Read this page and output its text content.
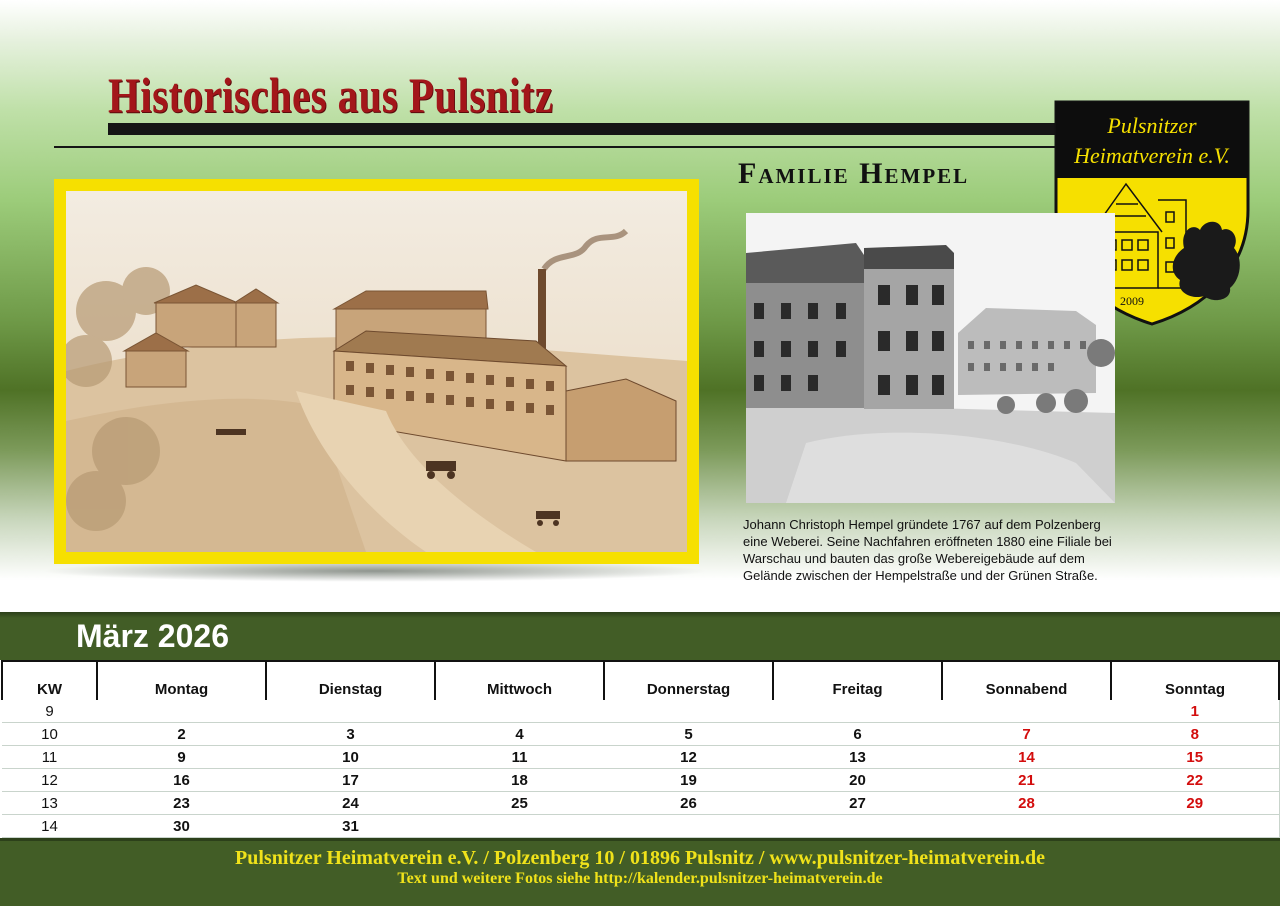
Historisches aus Pulsnitz
Familie Hempel
Pulsnitzer
Heimatverein e.V.
2009
Johann Christoph Hempel gründete 1767 auf dem Polzenberg eine Weberei. Seine Nachfahren eröffneten 1880 eine Filiale bei Warschau und bauten das große Webereigebäude auf dem Gelände zwischen der Hempelstraße und der Grünen Straße.
März 2026
KW	Montag	Dienstag	Mittwoch	Donnerstag	Freitag	Sonnabend	Sonntag
9							1
10	2	3	4	5	6	7	8
11	9	10	11	12	13	14	15
12	16	17	18	19	20	21	22
13	23	24	25	26	27	28	29
14	30	31					
Pulsnitzer Heimatverein e.V. / Polzenberg 10 / 01896 Pulsnitz / www.pulsnitzer-heimatverein.de
Text und weitere Fotos siehe http://kalender.pulsnitzer-heimatverein.de
